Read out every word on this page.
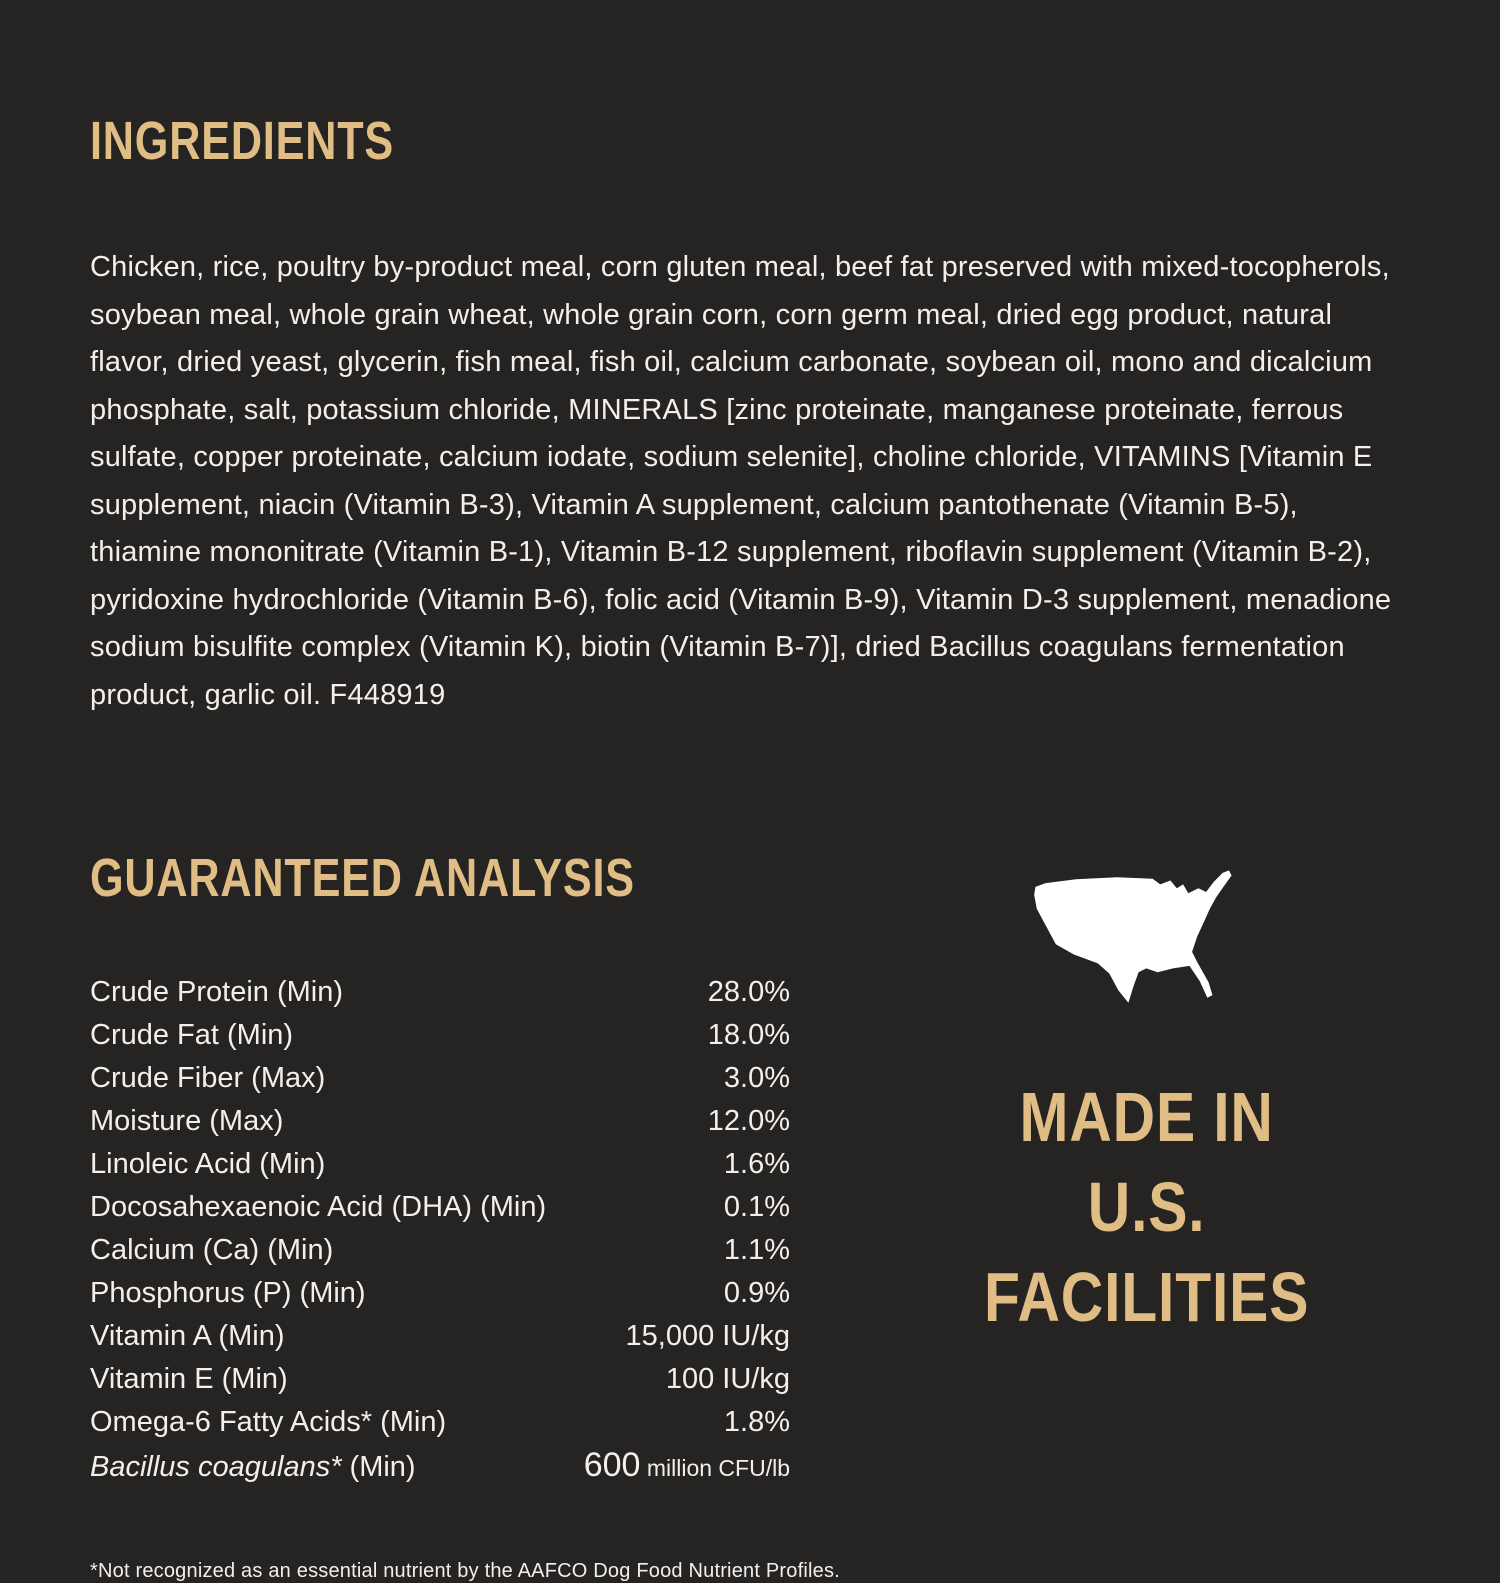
INGREDIENTS

Chicken, rice, poultry by-product meal, corn gluten meal, beef fat preserved with mixed-tocopherols, soybean meal, whole grain wheat, whole grain corn, corn germ meal, dried egg product, natural flavor, dried yeast, glycerin, fish meal, fish oil, calcium carbonate, soybean oil, mono and dicalcium phosphate, salt, potassium chloride, MINERALS [zinc proteinate, manganese proteinate, ferrous sulfate, copper proteinate, calcium iodate, sodium selenite], choline chloride, VITAMINS [Vitamin E supplement, niacin (Vitamin B-3), Vitamin A supplement, calcium pantothenate (Vitamin B-5), thiamine mononitrate (Vitamin B-1), Vitamin B-12 supplement, riboflavin supplement (Vitamin B-2), pyridoxine hydrochloride (Vitamin B-6), folic acid (Vitamin B-9), Vitamin D-3 supplement, menadione sodium bisulfite complex (Vitamin K), biotin (Vitamin B-7)], dried Bacillus coagulans fermentation product, garlic oil. F448919

GUARANTEED ANALYSIS
Crude Protein (Min)	28.0%
Crude Fat (Min)	18.0%
Crude Fiber (Max)	3.0%
Moisture (Max)	12.0%
Linoleic Acid (Min)	1.6%
Docosahexaenoic Acid (DHA) (Min)	0.1%
Calcium (Ca) (Min)	1.1%
Phosphorus (P) (Min)	0.9%
Vitamin A (Min)	15,000 IU/kg
Vitamin E (Min)	100 IU/kg
Omega-6 Fatty Acids* (Min)	1.8%
Bacillus coagulans* (Min)	600 million CFU/lb
MADE IN
U.S.
FACILITIES
*Not recognized as an essential nutrient by the AAFCO Dog Food Nutrient Profiles.
